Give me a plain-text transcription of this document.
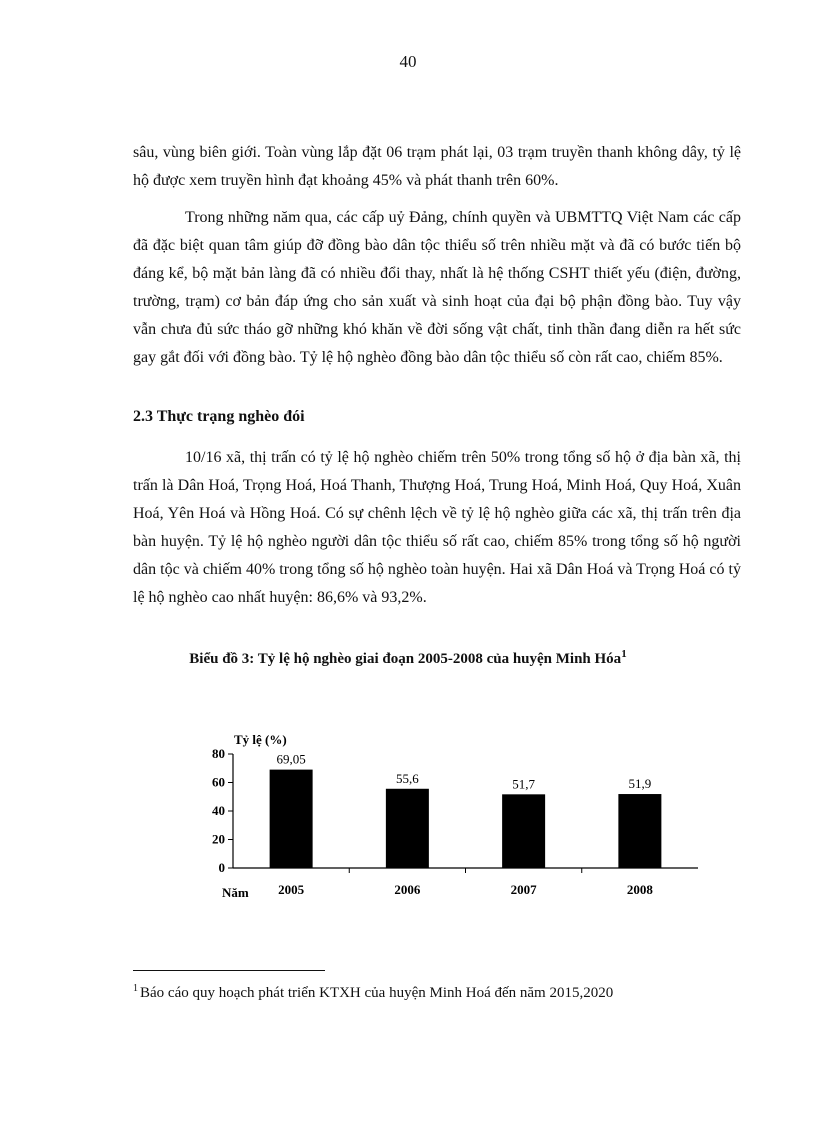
40

sâu, vùng biên giới. Toàn vùng lắp đặt 06 trạm phát lại, 03 trạm truyền thanh không dây, tỷ lệ hộ được xem truyền hình đạt khoảng 45% và phát thanh trên 60%.

Trong những năm qua, các cấp uỷ Đảng, chính quyền và UBMTTQ Việt Nam các cấp đã đặc biệt quan tâm giúp đỡ đồng bào dân tộc thiểu số trên nhiều mặt và đã có bước tiến bộ đáng kể, bộ mặt bản làng đã có nhiều đổi thay, nhất là hệ thống CSHT thiết yếu (điện, đường, trường, trạm) cơ bản đáp ứng cho sản xuất và sinh hoạt của đại bộ phận đồng bào. Tuy vậy vẫn chưa đủ sức tháo gỡ những khó khăn về đời sống vật chất, tinh thần đang diễn ra hết sức gay gắt đối với đồng bào. Tỷ lệ hộ nghèo đồng bào dân tộc thiểu số còn rất cao, chiếm 85%.

2.3 Thực trạng nghèo đói

10/16 xã, thị trấn có tỷ lệ hộ nghèo chiếm trên 50% trong tổng số hộ ở địa bàn xã, thị trấn là Dân Hoá, Trọng Hoá, Hoá Thanh, Thượng Hoá, Trung Hoá, Minh Hoá, Quy Hoá, Xuân Hoá, Yên Hoá và Hồng Hoá. Có sự chênh lệch về tỷ lệ hộ nghèo giữa các xã, thị trấn trên địa bàn huyện. Tỷ lệ hộ nghèo người dân tộc thiểu số rất cao, chiếm 85% trong tổng số hộ người dân tộc và chiếm 40% trong tổng số hộ nghèo toàn huyện. Hai xã Dân Hoá và Trọng Hoá có tỷ lệ hộ nghèo cao nhất huyện: 86,6% và 93,2%.

Biểu đồ 3: Tỷ lệ hộ nghèo giai đoạn 2005-2008 của huyện Minh Hóa$^1$
Tỷ lệ (%)
Năm
0
20
40
60
80	69,05
2005
55,6
2006
51,7
2007
51,9
2008
$^1$ Báo cáo quy hoạch phát triển KTXH của huyện Minh Hoá đến năm 2015,2020
